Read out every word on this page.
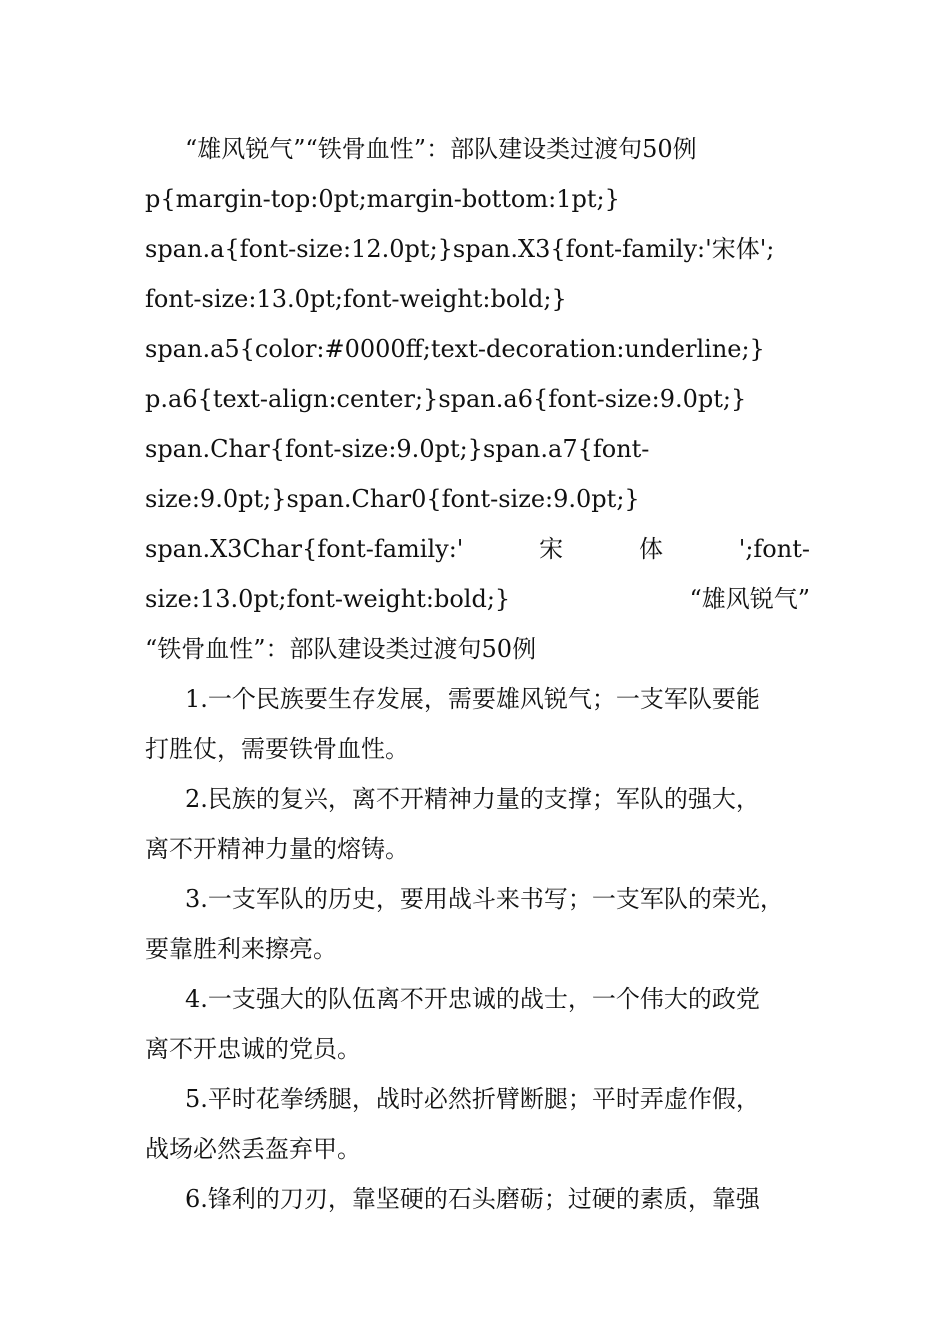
“雄风锐气”“铁骨血性”：部队建设类过渡句50例
p{margin-top:0pt;margin-bottom:1pt;}
span.a{font-size:12.0pt;}span.X3{font-family:'宋体';
font-size:13.0pt;font-weight:bold;}
span.a5{color:#0000ff;text-decoration:underline;}
p.a6{text-align:center;}span.a6{font-size:9.0pt;}
span.Char{font-size:9.0pt;}span.a7{font-
size:9.0pt;}span.Char0{font-size:9.0pt;}
span.X3Char{font-family:'	宋	体	';font-
size:13.0pt;font-weight:bold;}	“雄风锐气”
“铁骨血性”：部队建设类过渡句50例
1.一个民族要生存发展，需要雄风锐气；一支军队要能
打胜仗，需要铁骨血性。
2.民族的复兴，离不开精神力量的支撑；军队的强大，
离不开精神力量的熔铸。
3.一支军队的历史，要用战斗来书写；一支军队的荣光，
要靠胜利来擦亮。
4.一支强大的队伍离不开忠诚的战士，一个伟大的政党
离不开忠诚的党员。
5.平时花拳绣腿，战时必然折臂断腿；平时弄虚作假，
战场必然丢盔弃甲。
6.锋利的刀刃，靠坚硬的石头磨砺；过硬的素质，靠强
